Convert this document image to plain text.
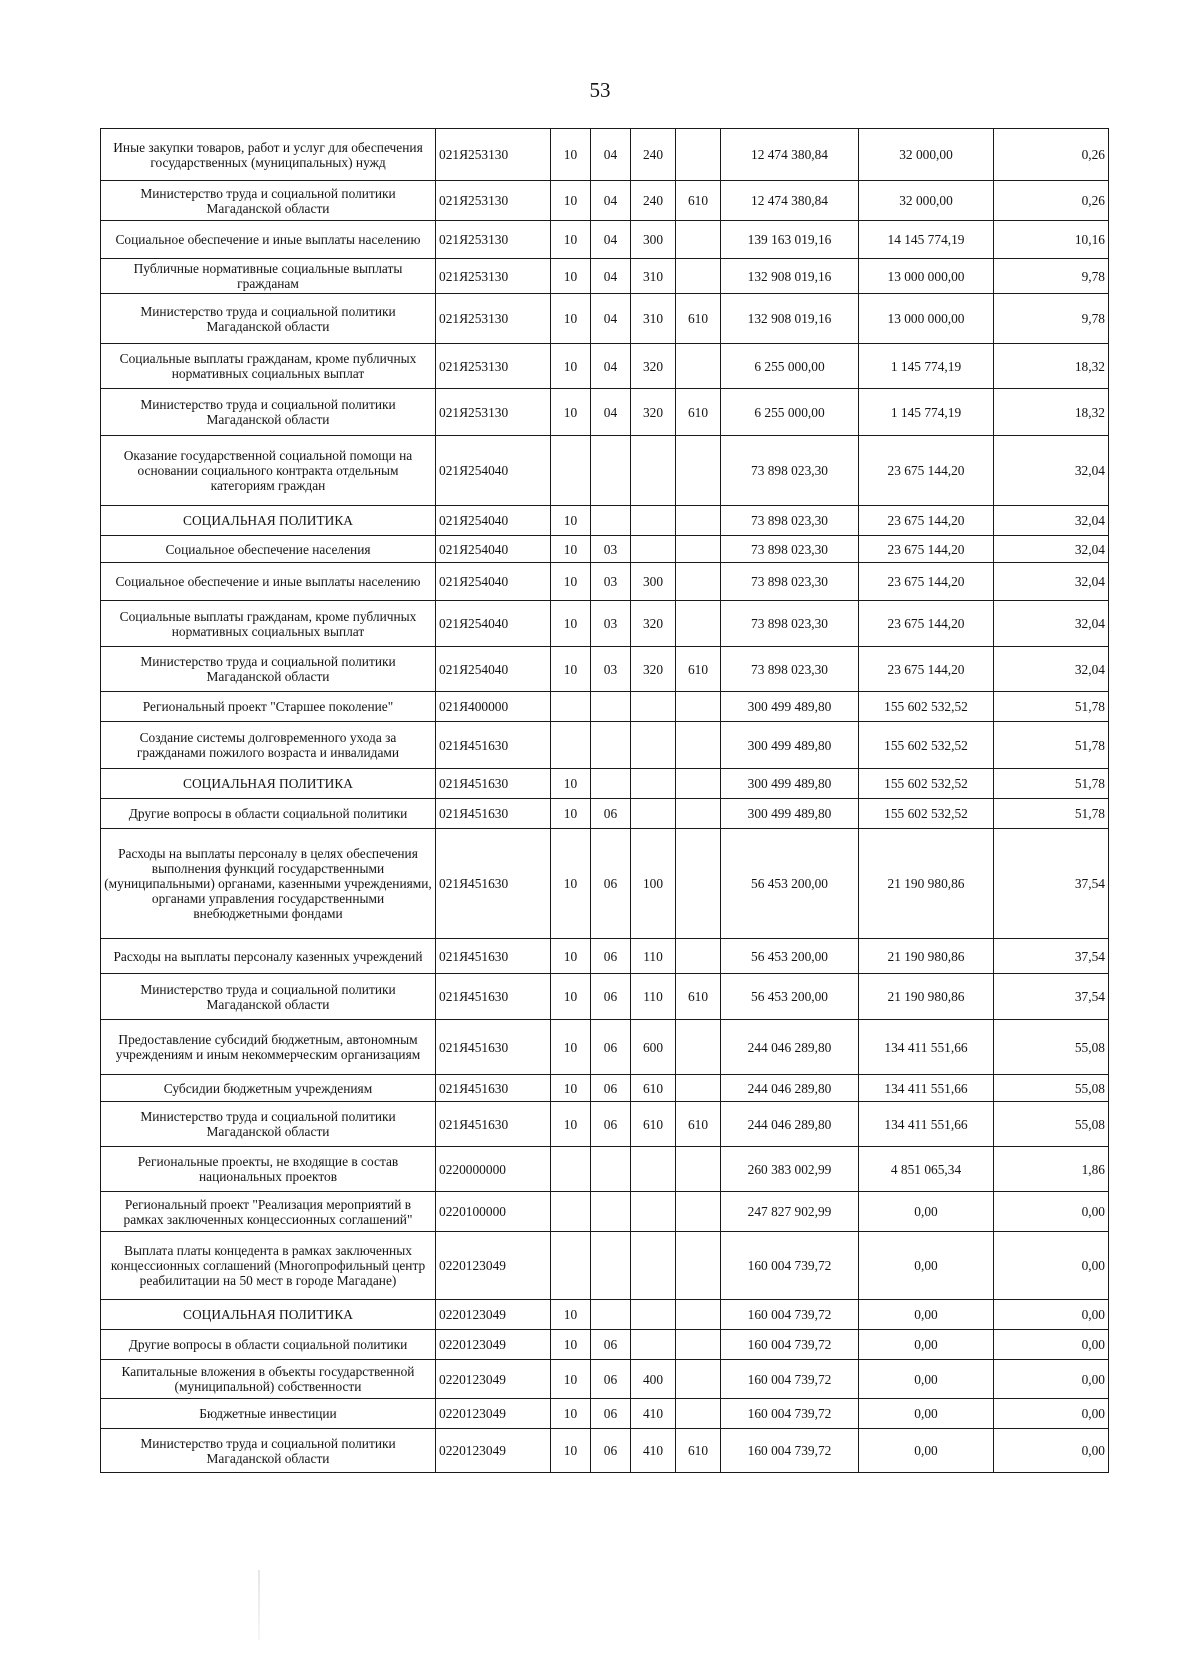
53
Иные закупки товаров, работ и услуг для обеспечения государственных (муниципальных) нужд	021Я253130	10	04	240		12 474 380,84	32 000,00	0,26
Министерство труда и социальной политики Магаданской области	021Я253130	10	04	240	610	12 474 380,84	32 000,00	0,26
Социальное обеспечение и иные выплаты населению	021Я253130	10	04	300		139 163 019,16	14 145 774,19	10,16
Публичные нормативные социальные выплаты гражданам	021Я253130	10	04	310		132 908 019,16	13 000 000,00	9,78
Министерство труда и социальной политики Магаданской области	021Я253130	10	04	310	610	132 908 019,16	13 000 000,00	9,78
Социальные выплаты гражданам, кроме публичных нормативных социальных выплат	021Я253130	10	04	320		6 255 000,00	1 145 774,19	18,32
Министерство труда и социальной политики Магаданской области	021Я253130	10	04	320	610	6 255 000,00	1 145 774,19	18,32
Оказание государственной социальной помощи на основании социального контракта отдельным категориям граждан	021Я254040					73 898 023,30	23 675 144,20	32,04
СОЦИАЛЬНАЯ ПОЛИТИКА	021Я254040	10				73 898 023,30	23 675 144,20	32,04
Социальное обеспечение населения	021Я254040	10	03			73 898 023,30	23 675 144,20	32,04
Социальное обеспечение и иные выплаты населению	021Я254040	10	03	300		73 898 023,30	23 675 144,20	32,04
Социальные выплаты гражданам, кроме публичных нормативных социальных выплат	021Я254040	10	03	320		73 898 023,30	23 675 144,20	32,04
Министерство труда и социальной политики Магаданской области	021Я254040	10	03	320	610	73 898 023,30	23 675 144,20	32,04
Региональный проект "Старшее поколение"	021Я400000					300 499 489,80	155 602 532,52	51,78
Создание системы долговременного ухода за гражданами пожилого возраста и инвалидами	021Я451630					300 499 489,80	155 602 532,52	51,78
СОЦИАЛЬНАЯ ПОЛИТИКА	021Я451630	10				300 499 489,80	155 602 532,52	51,78
Другие вопросы в области социальной политики	021Я451630	10	06			300 499 489,80	155 602 532,52	51,78
Расходы на выплаты персоналу в целях обеспечения выполнения функций государственными (муниципальными) органами, казенными учреждениями, органами управления государственными внебюджетными фондами	021Я451630	10	06	100		56 453 200,00	21 190 980,86	37,54
Расходы на выплаты персоналу казенных учреждений	021Я451630	10	06	110		56 453 200,00	21 190 980,86	37,54
Министерство труда и социальной политики Магаданской области	021Я451630	10	06	110	610	56 453 200,00	21 190 980,86	37,54
Предоставление субсидий бюджетным, автономным учреждениям и иным некоммерческим организациям	021Я451630	10	06	600		244 046 289,80	134 411 551,66	55,08
Субсидии бюджетным учреждениям	021Я451630	10	06	610		244 046 289,80	134 411 551,66	55,08
Министерство труда и социальной политики Магаданской области	021Я451630	10	06	610	610	244 046 289,80	134 411 551,66	55,08
Региональные проекты, не входящие в состав национальных проектов	0220000000					260 383 002,99	4 851 065,34	1,86
Региональный проект "Реализация мероприятий в рамках заключенных концессионных соглашений"	0220100000					247 827 902,99	0,00	0,00
Выплата платы концедента в рамках заключенных концессионных соглашений (Многопрофильный центр реабилитации на 50 мест в городе Магадане)	0220123049					160 004 739,72	0,00	0,00
СОЦИАЛЬНАЯ ПОЛИТИКА	0220123049	10				160 004 739,72	0,00	0,00
Другие вопросы в области социальной политики	0220123049	10	06			160 004 739,72	0,00	0,00
Капитальные вложения в объекты государственной (муниципальной) собственности	0220123049	10	06	400		160 004 739,72	0,00	0,00
Бюджетные инвестиции	0220123049	10	06	410		160 004 739,72	0,00	0,00
Министерство труда и социальной политики Магаданской области	0220123049	10	06	410	610	160 004 739,72	0,00	0,00
